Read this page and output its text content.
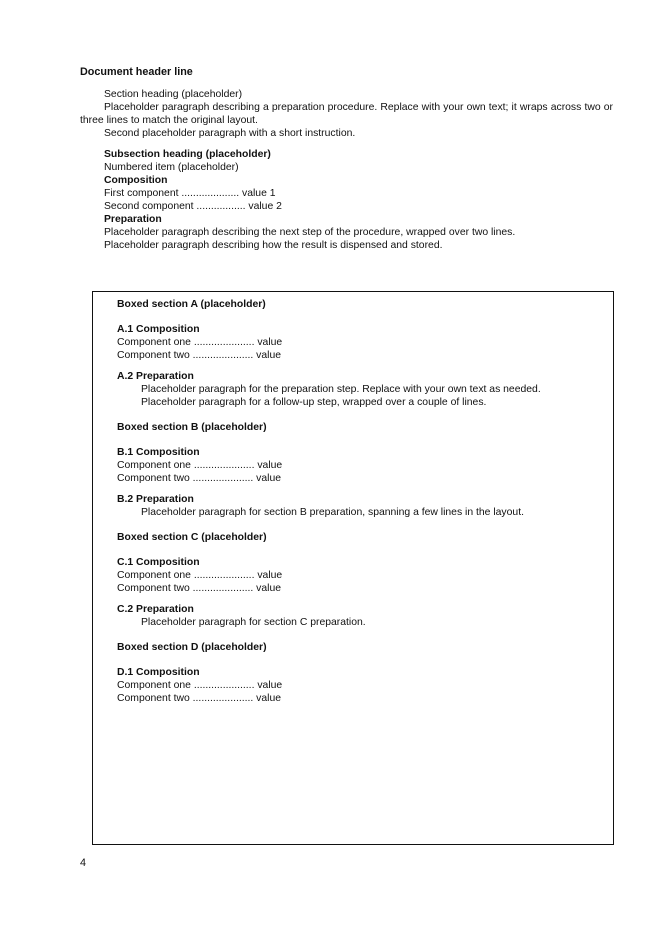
Document header line

Section heading (placeholder)

Placeholder paragraph describing a preparation procedure. Replace with your own text; it wraps across two or three lines to match the original layout.

Second placeholder paragraph with a short instruction.

Subsection heading (placeholder)

Numbered item (placeholder)

Composition

First component .................... value 1

Second component ................. value 2

Preparation

Placeholder paragraph describing the next step of the procedure, wrapped over two lines.

Placeholder paragraph describing how the result is dispensed and stored.

Boxed section A (placeholder)

A.1 Composition

Component one ..................... value

Component two ..................... value

A.2 Preparation

Placeholder paragraph for the preparation step. Replace with your own text as needed.

Placeholder paragraph for a follow-up step, wrapped over a couple of lines.

Boxed section B (placeholder)

B.1 Composition

Component one ..................... value

Component two ..................... value

B.2 Preparation

Placeholder paragraph for section B preparation, spanning a few lines in the layout.

Boxed section C (placeholder)

C.1 Composition

Component one ..................... value

Component two ..................... value

C.2 Preparation

Placeholder paragraph for section C preparation.

Boxed section D (placeholder)

D.1 Composition

Component one ..................... value

Component two ..................... value

4
